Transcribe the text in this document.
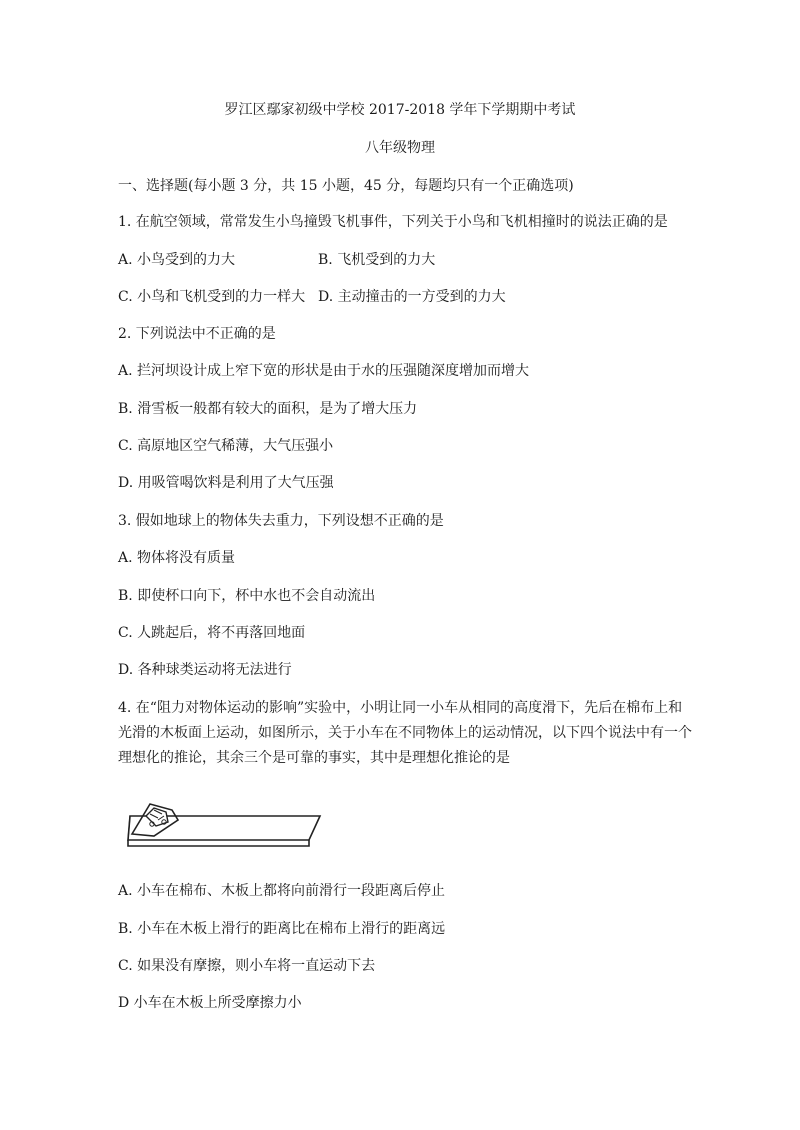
罗江区鄢家初级中学校 2017-2018 学年下学期期中考试
八年级物理
一、选择题(每小题 3 分，共 15 小题，45 分，每题均只有一个正确选项)
1. 在航空领域，常常发生小鸟撞毁飞机事件，下列关于小鸟和飞机相撞时的说法正确的是
A. 小鸟受到的力大	B. 飞机受到的力大
C. 小鸟和飞机受到的力一样大 D. 主动撞击的一方受到的力大
2. 下列说法中不正确的是
A. 拦河坝设计成上窄下宽的形状是由于水的压强随深度增加而增大
B. 滑雪板一般都有较大的面积，是为了增大压力
C. 高原地区空气稀薄，大气压强小
D. 用吸管喝饮料是利用了大气压强
3. 假如地球上的物体失去重力，下列设想不正确的是
A. 物体将没有质量
B. 即使杯口向下，杯中水也不会自动流出
C. 人跳起后，将不再落回地面
D. 各种球类运动将无法进行
4. 在“阻力对物体运动的影响”实验中，小明让同一小车从相同的高度滑下，先后在棉布上和
光滑的木板面上运动，如图所示，关于小车在不同物体上的运动情况，以下四个说法中有一个
理想化的推论，其余三个是可靠的事实，其中是理想化推论的是
A. 小车在棉布、木板上都将向前滑行一段距离后停止
B. 小车在木板上滑行的距离比在棉布上滑行的距离远
C. 如果没有摩擦，则小车将一直运动下去
D 小车在木板上所受摩擦力小
